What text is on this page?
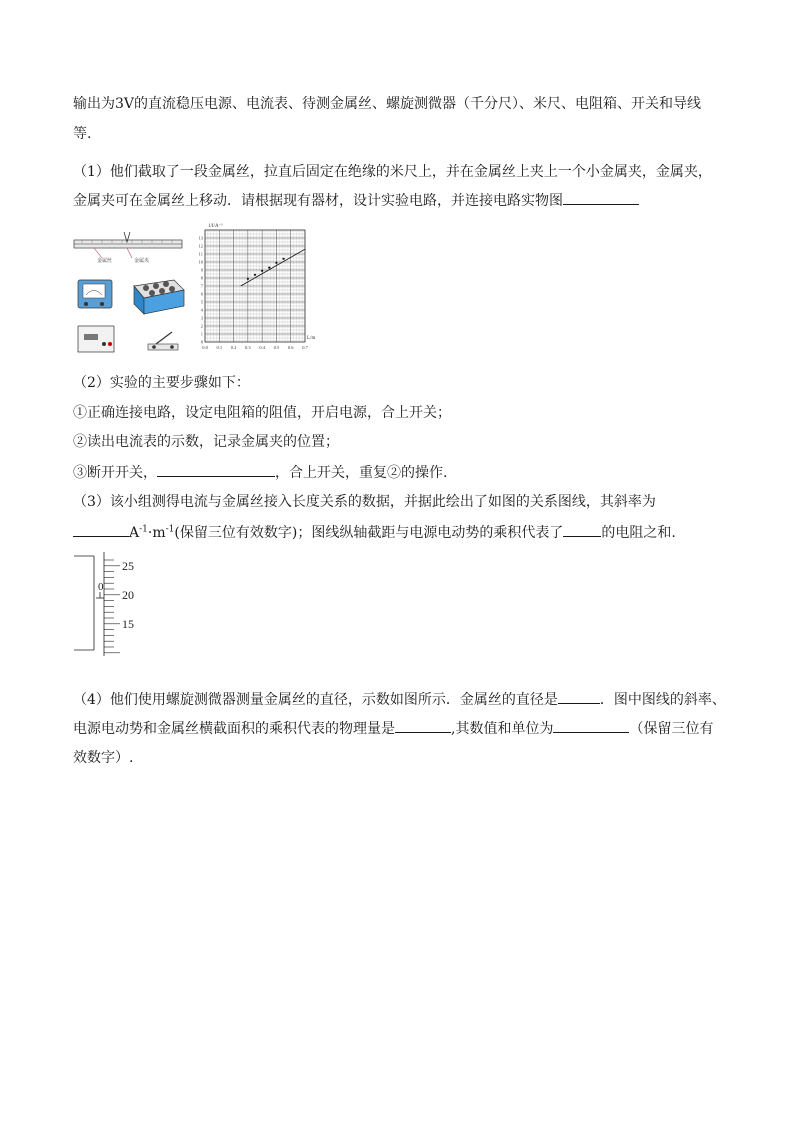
输出为3V的直流稳压电源、电流表、待测金属丝、螺旋测微器（千分尺）、米尺、电阻箱、开关和导线
等.
（1）他们截取了一段金属丝，拉直后固定在绝缘的米尺上，并在金属丝上夹上一个小金属夹，金属夹，
金属夹可在金属丝上移动．请根据现有器材，设计实验电路，并连接电路实物图
金属丝	金属夹
13
12
11
10
9
8
7
6
5
4
3
2
1
0
0.0 0.1 0.2 0.3 0.4 0.5 0.6 0.7
1/I/A⁻¹
L/m
（2）实验的主要步骤如下：
①正确连接电路，设定电阻箱的阻值，开启电源，合上开关；
②读出电流表的示数，记录金属夹的位置；
③断开开关，	，合上开关，重复②的操作.
（3）该小组测得电流与金属丝接入长度关系的数据，并据此绘出了如图的关系图线，其斜率为
$A^{-1}\cdot m^{-1}$(保留三位有效数字)；图线纵轴截距与电源电动势的乘积代表了	的电阻之和.
0
25
20
15
（4）他们使用螺旋测微器测量金属丝的直径，示数如图所示．金属丝的直径是	．图中图线的斜率、
电源电动势和金属丝横截面积的乘积代表的物理量是	,其数值和单位为	（保留三位有
效数字）.
